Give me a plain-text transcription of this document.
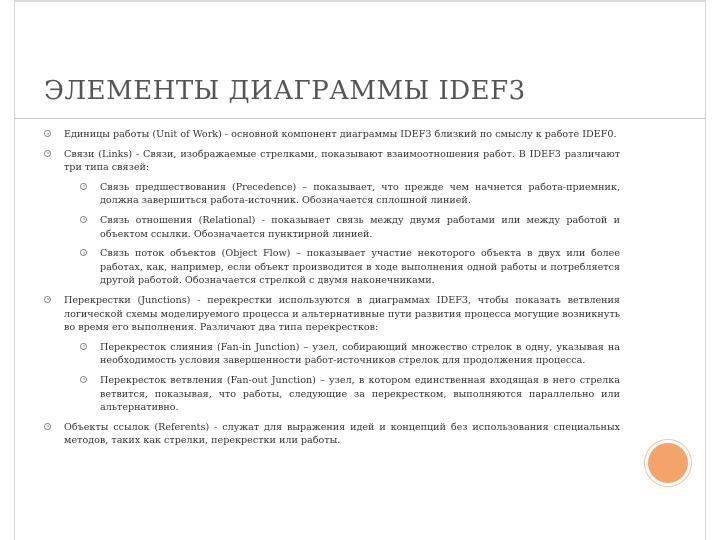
ЭЛЕМЕНТЫ ДИАГРАММЫ IDEF3
Единицы работы (Unit of Work) - основной компонент диаграммы IDEF3 близкий по смыслу к работе IDEF0.
Связи (Links) - Связи, изображаемые стрелками, показывают взаимоотношения работ. В IDEF3 различают три типа связей:
Связь предшествования (Precedence) – показывает, что прежде чем начнется работа-приемник, должна завершиться работа-источник. Обозначается сплошной линией.
Связь отношения (Relational) - показывает связь между двумя работами или между работой и объектом ссылки. Обозначается пунктирной линией.
Связь поток объектов (Object Flow) – показывает участие некоторого объекта в двух или более работах, как, например, если объект производится в ходе выполнения одной работы и потребляется другой работой. Обозначается стрелкой с двумя наконечниками.
Перекрестки (Junctions) - перекрестки используются в диаграммах IDEF3, чтобы показать ветвления логической схемы моделируемого процесса и альтернативные пути развития процесса могущие возникнуть во время его выполнения. Различают два типа перекрестков:
Перекресток слияния (Fan-in Junction) – узел, собирающий множество стрелок в одну, указывая на необходимость условия завершенности работ-источников стрелок для продолжения процесса.
Перекресток ветвления (Fan-out Junction) – узел, в котором единственная входящая в него стрелка ветвится, показывая, что работы, следующие за перекрестком, выполняются параллельно или альтернативно.
Объекты ссылок (Referents) - служат для выражения идей и концепций без использования специальных методов, таких как стрелки, перекрестки или работы.
